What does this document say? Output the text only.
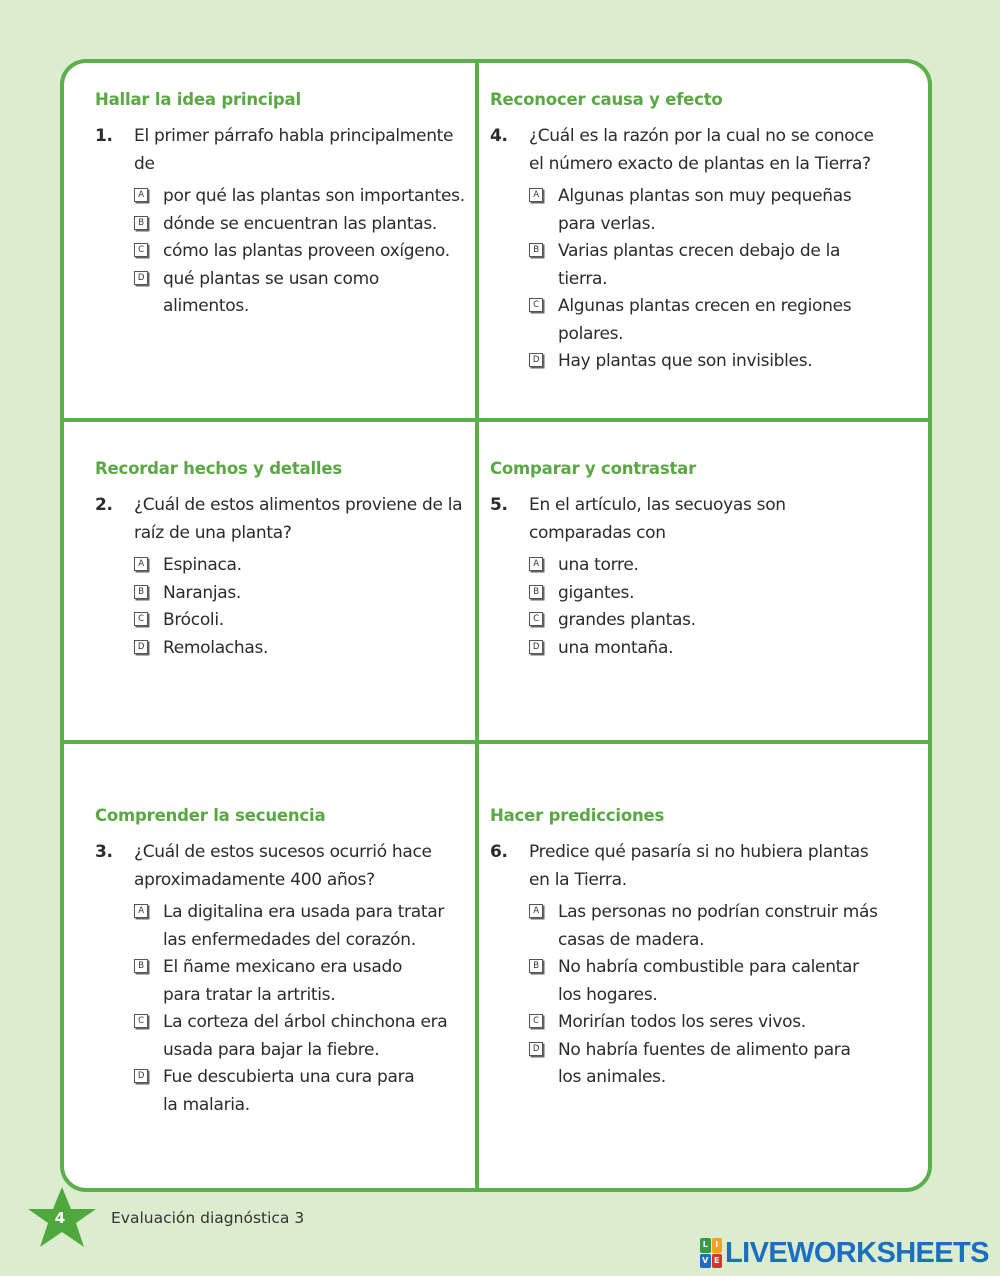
Hallar la idea principal
1. El primer párrafo habla principalmente de
A por qué las plantas son importantes.
B dónde se encuentran las plantas.
C cómo las plantas proveen oxígeno.
D qué plantas se usan como alimentos.
Reconocer causa y efecto
4. ¿Cuál es la razón por la cual no se conoce el número exacto de plantas en la Tierra?
A Algunas plantas son muy pequeñas para verlas.
B Varias plantas crecen debajo de la tierra.
C Algunas plantas crecen en regiones polares.
D Hay plantas que son invisibles.
Recordar hechos y detalles
2. ¿Cuál de estos alimentos proviene de la raíz de una planta?
A Espinaca.
B Naranjas.
C Brócoli.
D Remolachas.
Comparar y contrastar
5. En el artículo, las secuoyas son comparadas con
A una torre.
B gigantes.
C grandes plantas.
D una montaña.
Comprender la secuencia
3. ¿Cuál de estos sucesos ocurrió hace aproximadamente 400 años?
A La digitalina era usada para tratar las enfermedades del corazón.
B El ñame mexicano era usado para tratar la artritis.
C La corteza del árbol chinchona era usada para bajar la fiebre.
D Fue descubierta una cura para la malaria.
Hacer predicciones
6. Predice qué pasaría si no hubiera plantas en la Tierra.
A Las personas no podrían construir más casas de madera.
B No habría combustible para calentar los hogares.
C Morirían todos los seres vivos.
D No habría fuentes de alimento para los animales.
4	Evaluación diagnóstica 3
L I
V E LIVEWORKSHEETS
